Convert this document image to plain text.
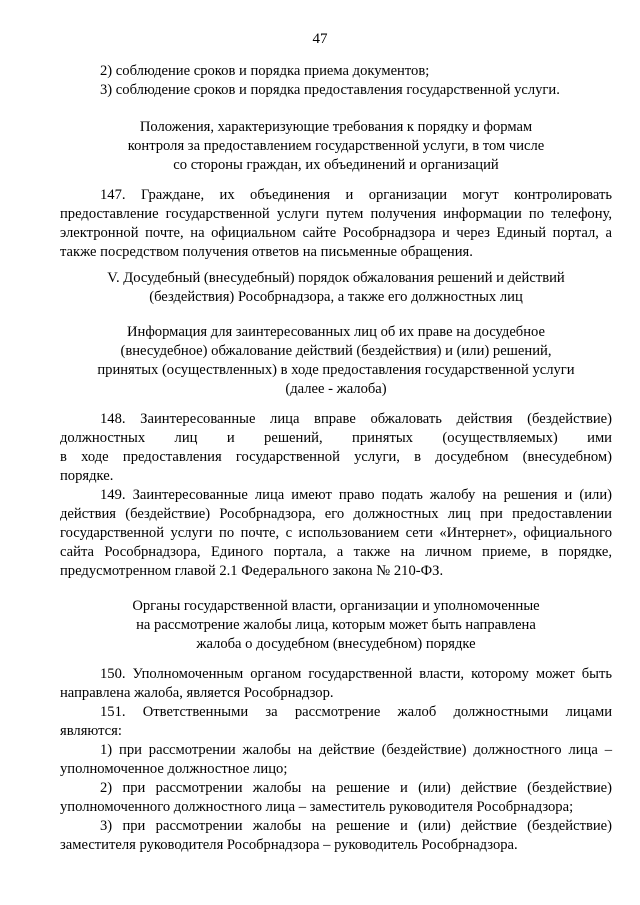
47
2) соблюдение сроков и порядка приема документов;
3) соблюдение сроков и порядка предоставления государственной услуги.
Положения, характеризующие требования к порядку и формам
контроля за предоставлением государственной услуги, в том числе
со стороны граждан, их объединений и организаций
147. Граждане, их объединения и организации могут контролировать
предоставление государственной услуги путем получения информации по телефону,
электронной почте, на официальном сайте Рособрнадзора и через Единый портал, а
также посредством получения ответов на письменные обращения.
V. Досудебный (внесудебный) порядок обжалования решений и действий
(бездействия) Рособрнадзора, а также его должностных лиц
Информация для заинтересованных лиц об их праве на досудебное
(внесудебное) обжалование действий (бездействия) и (или) решений,
принятых (осуществленных) в ходе предоставления государственной услуги
(далее - жалоба)
148. Заинтересованные лица вправе обжаловать действия (бездействие)
должностных лиц и решений, принятых (осуществляемых) ими
в ходе предоставления государственной услуги, в досудебном (внесудебном)
порядке.
149. Заинтересованные лица имеют право подать жалобу на решения и (или)
действия (бездействие) Рособрнадзора, его должностных лиц при предоставлении
государственной услуги по почте, с использованием сети «Интернет», официального
сайта Рособрнадзора, Единого портала, а также на личном приеме, в порядке,
предусмотренном главой 2.1 Федерального закона № 210-ФЗ.
Органы государственной власти, организации и уполномоченные
на рассмотрение жалобы лица, которым может быть направлена
жалоба о досудебном (внесудебном) порядке
150. Уполномоченным органом государственной власти, которому может быть
направлена жалоба, является Рособрнадзор.
151. Ответственными за рассмотрение жалоб должностными лицами
являются:
1) при рассмотрении жалобы на действие (бездействие) должностного лица –
уполномоченное должностное лицо;
2) при рассмотрении жалобы на решение и (или) действие (бездействие)
уполномоченного должностного лица – заместитель руководителя Рособрнадзора;
3) при рассмотрении жалобы на решение и (или) действие (бездействие)
заместителя руководителя Рособрнадзора – руководитель Рособрнадзора.
